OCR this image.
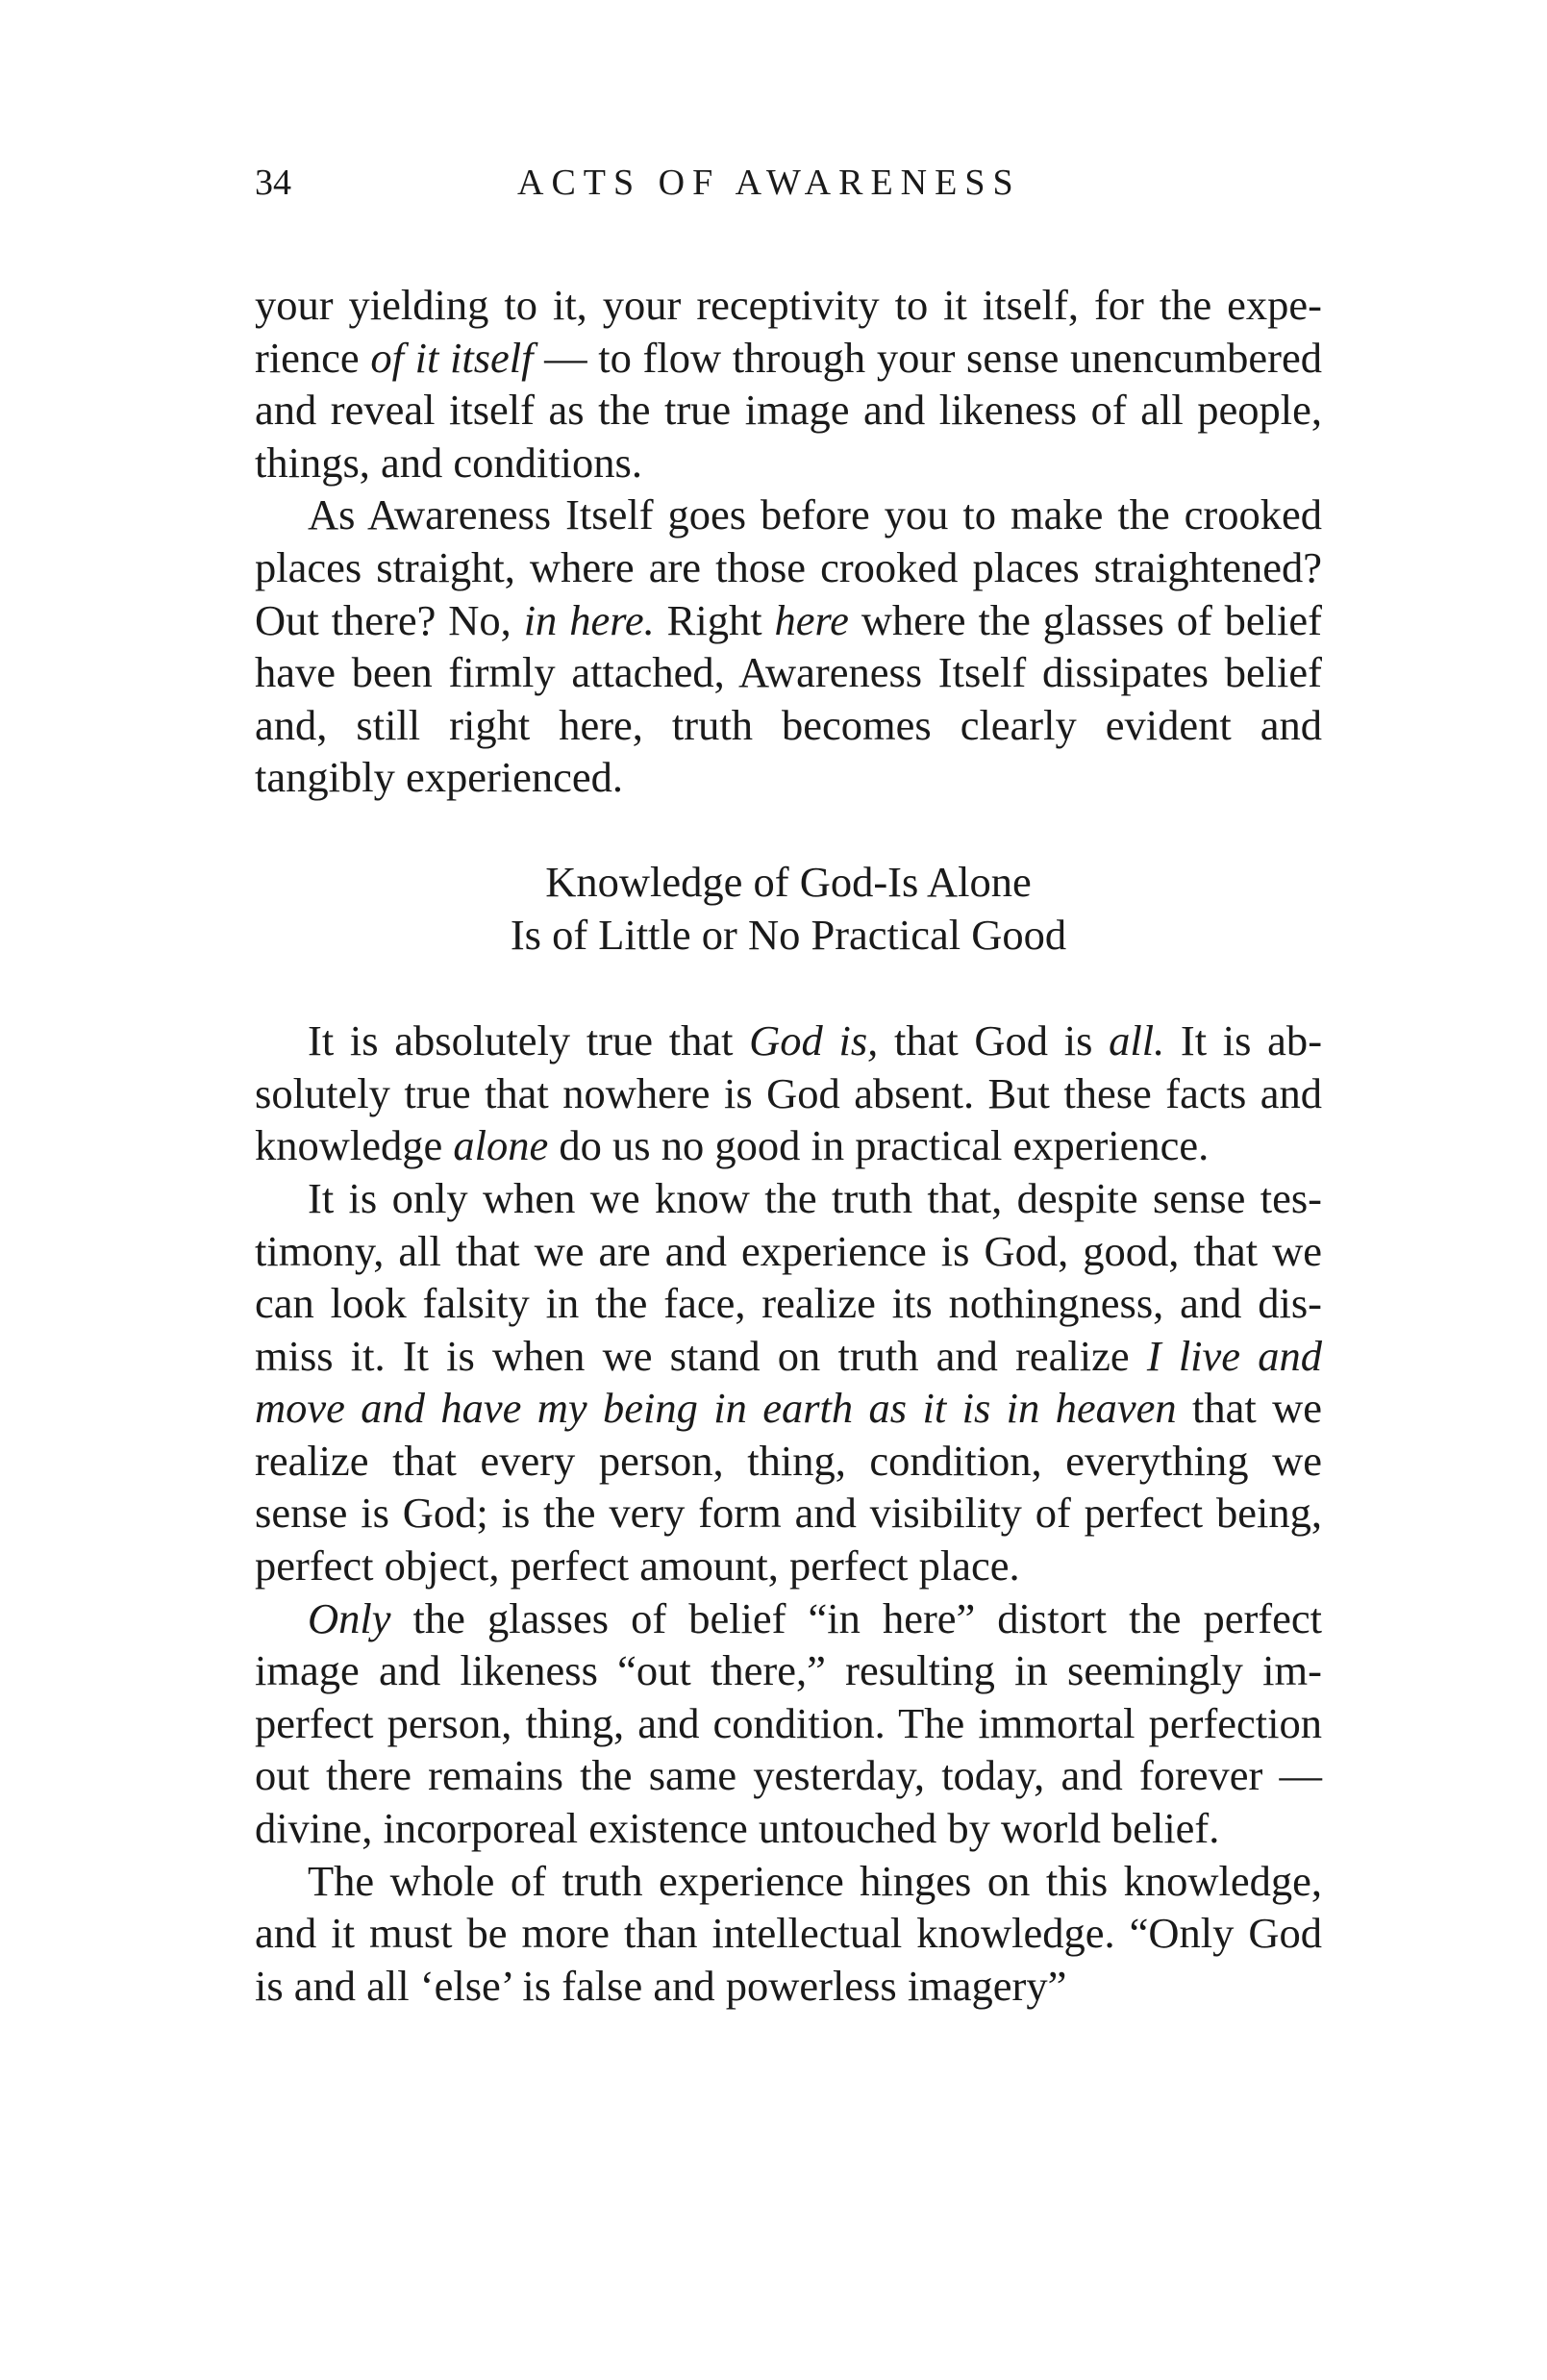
34	ACTS OF AWARENESS

your yielding to it, your receptivity to it itself, for the experience of it itself — to flow through your sense unencumbered and reveal itself as the true image and likeness of all people, things, and conditions.

As Awareness Itself goes before you to make the crooked places straight, where are those crooked places straightened? Out there? No, in here. Right here where the glasses of belief have been firmly attached, Awareness Itself dissipates belief and, still right here, truth becomes clearly evident and tangibly experienced.

Knowledge of God-Is Alone
Is of Little or No Practical Good

It is absolutely true that God is, that God is all. It is absolutely true that nowhere is God absent. But these facts and knowledge alone do us no good in practical experience.

It is only when we know the truth that, despite sense testimony, all that we are and experience is God, good, that we can look falsity in the face, realize its nothingness, and dismiss it. It is when we stand on truth and realize I live and move and have my being in earth as it is in heaven that we realize that every person, thing, condition, everything we sense is God; is the very form and visibility of perfect being, perfect object, perfect amount, perfect place.

Only the glasses of belief “in here” distort the perfect image and likeness “out there,” resulting in seemingly imperfect person, thing, and condition. The immortal perfection out there remains the same yesterday, today, and forever — divine, incorporeal existence untouched by world belief.

The whole of truth experience hinges on this knowledge, and it must be more than intellectual knowledge. “Only God is and all ‘else’ is false and powerless imagery”
